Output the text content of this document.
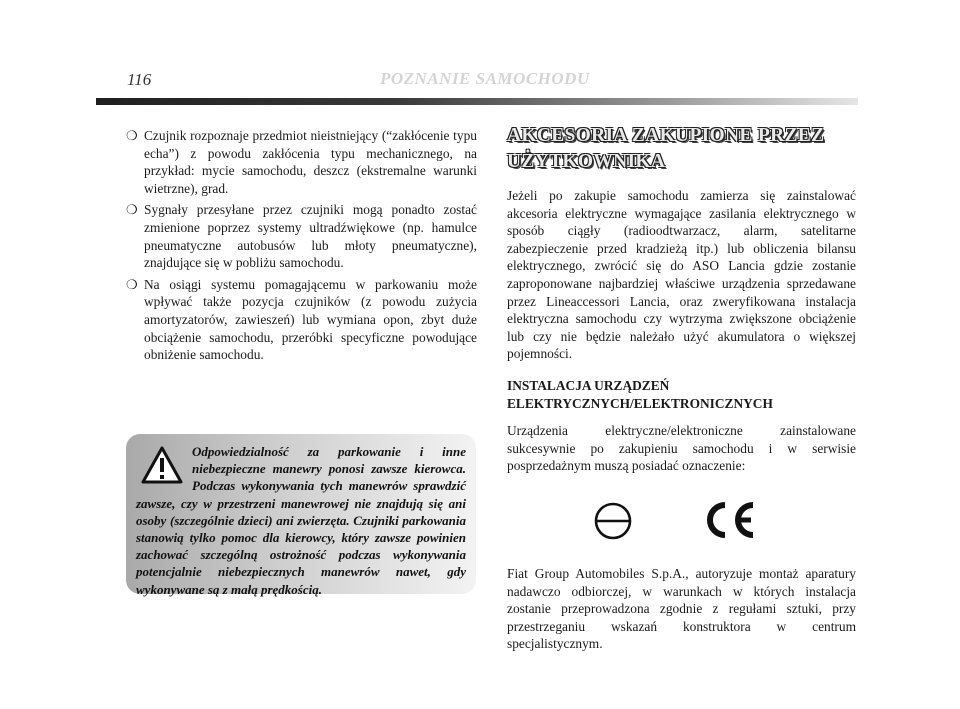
116	POZNANIE SAMOCHODU
❍ Czujnik rozpoznaje przedmiot nieistniejący (“zakłócenie typu echa”) z powodu zakłócenia typu mechanicznego, na przykład: mycie samochodu, deszcz (ekstremalne warunki wietrzne), grad.
❍ Sygnały przesyłane przez czujniki mogą ponadto zostać zmienione poprzez systemy ultradźwiękowe (np. hamulce pneumatyczne autobusów lub młoty pneumatyczne), znajdujące się w pobliżu samochodu.
❍ Na osiągi systemu pomagającemu w parkowaniu może wpływać także pozycja czujników (z powodu zużycia amortyzatorów, zawieszeń) lub wymiana opon, zbyt duże obciążenie samochodu, przeróbki specyficzne powodujące obniżenie samochodu.
Odpowiedzialność za parkowanie i inne niebezpieczne manewry ponosi zawsze kierowca. Podczas wykonywania tych manewrów sprawdzić zawsze, czy w przestrzeni manewrowej nie znajdują się ani osoby (szczególnie dzieci) ani zwierzęta. Czujniki parkowania stanowią tylko pomoc dla kierowcy, który zawsze powinien zachować szczególną ostrożność podczas wykonywania potencjalnie niebezpiecznych manewrów nawet, gdy wykonywane są z małą prędkością.
AKCESORIA ZAKUPIONE PRZEZ UŻYTKOWNIKA

Jeżeli po zakupie samochodu zamierza się zainstalować akcesoria elektryczne wymagające zasilania elektrycznego w sposób ciągły (radioodtwarzacz, alarm, satelitarne zabezpieczenie przed kradzieżą itp.) lub obliczenia bilansu elektrycznego, zwrócić się do ASO Lancia gdzie zostanie zaproponowane najbardziej właściwe urządzenia sprzedawane przez Lineaccessori Lancia, oraz zweryfikowana instalacja elektryczna samochodu czy wytrzyma zwiększone obciążenie lub czy nie będzie należało użyć akumulatora o większej pojemności.

INSTALACJA URZĄDZEŃ ELEKTRYCZNYCH/ELEKTRONICZNYCH

Urządzenia elektryczne/elektroniczne zainstalowane sukcesywnie po zakupieniu samochodu i w serwisie posprzedażnym muszą posiadać oznaczenie:

Fiat Group Automobiles S.p.A., autoryzuje montaż aparatury nadawczo odbiorczej, w warunkach w których instalacja zostanie przeprowadzona zgodnie z regułami sztuki, przy przestrzeganiu wskazań konstruktora w centrum specjalistycznym.
